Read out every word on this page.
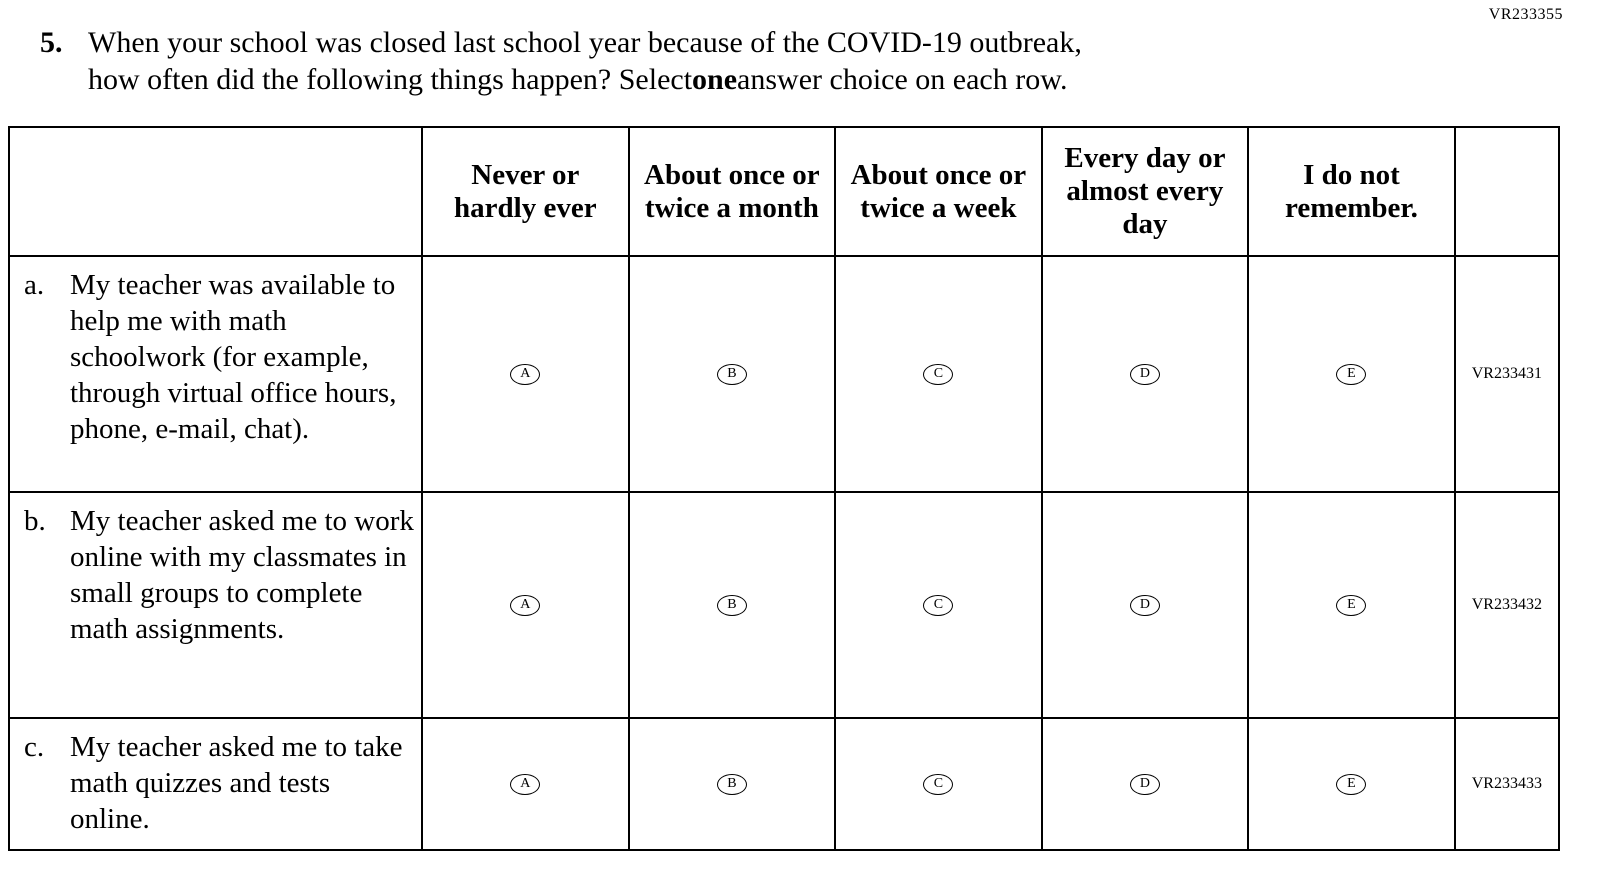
VR233355
5. When your school was closed last school year because of the COVID-19 outbreak,
how often did the following things happen? Select one answer choice on each row.
	Never or hardly ever	About once or twice a month	About once or twice a week	Every day or almost every day	I do not remember.	

a. My teacher was available to help me with math schoolwork (for example, through virtual office hours, phone, e-mail, chat).	A	B	C	D	E	VR233431

b. My teacher asked me to work online with my classmates in small groups to complete math assignments.	A	B	C	D	E	VR233432

c. My teacher asked me to take math quizzes and tests online.	A	B	C	D	E	VR233433
